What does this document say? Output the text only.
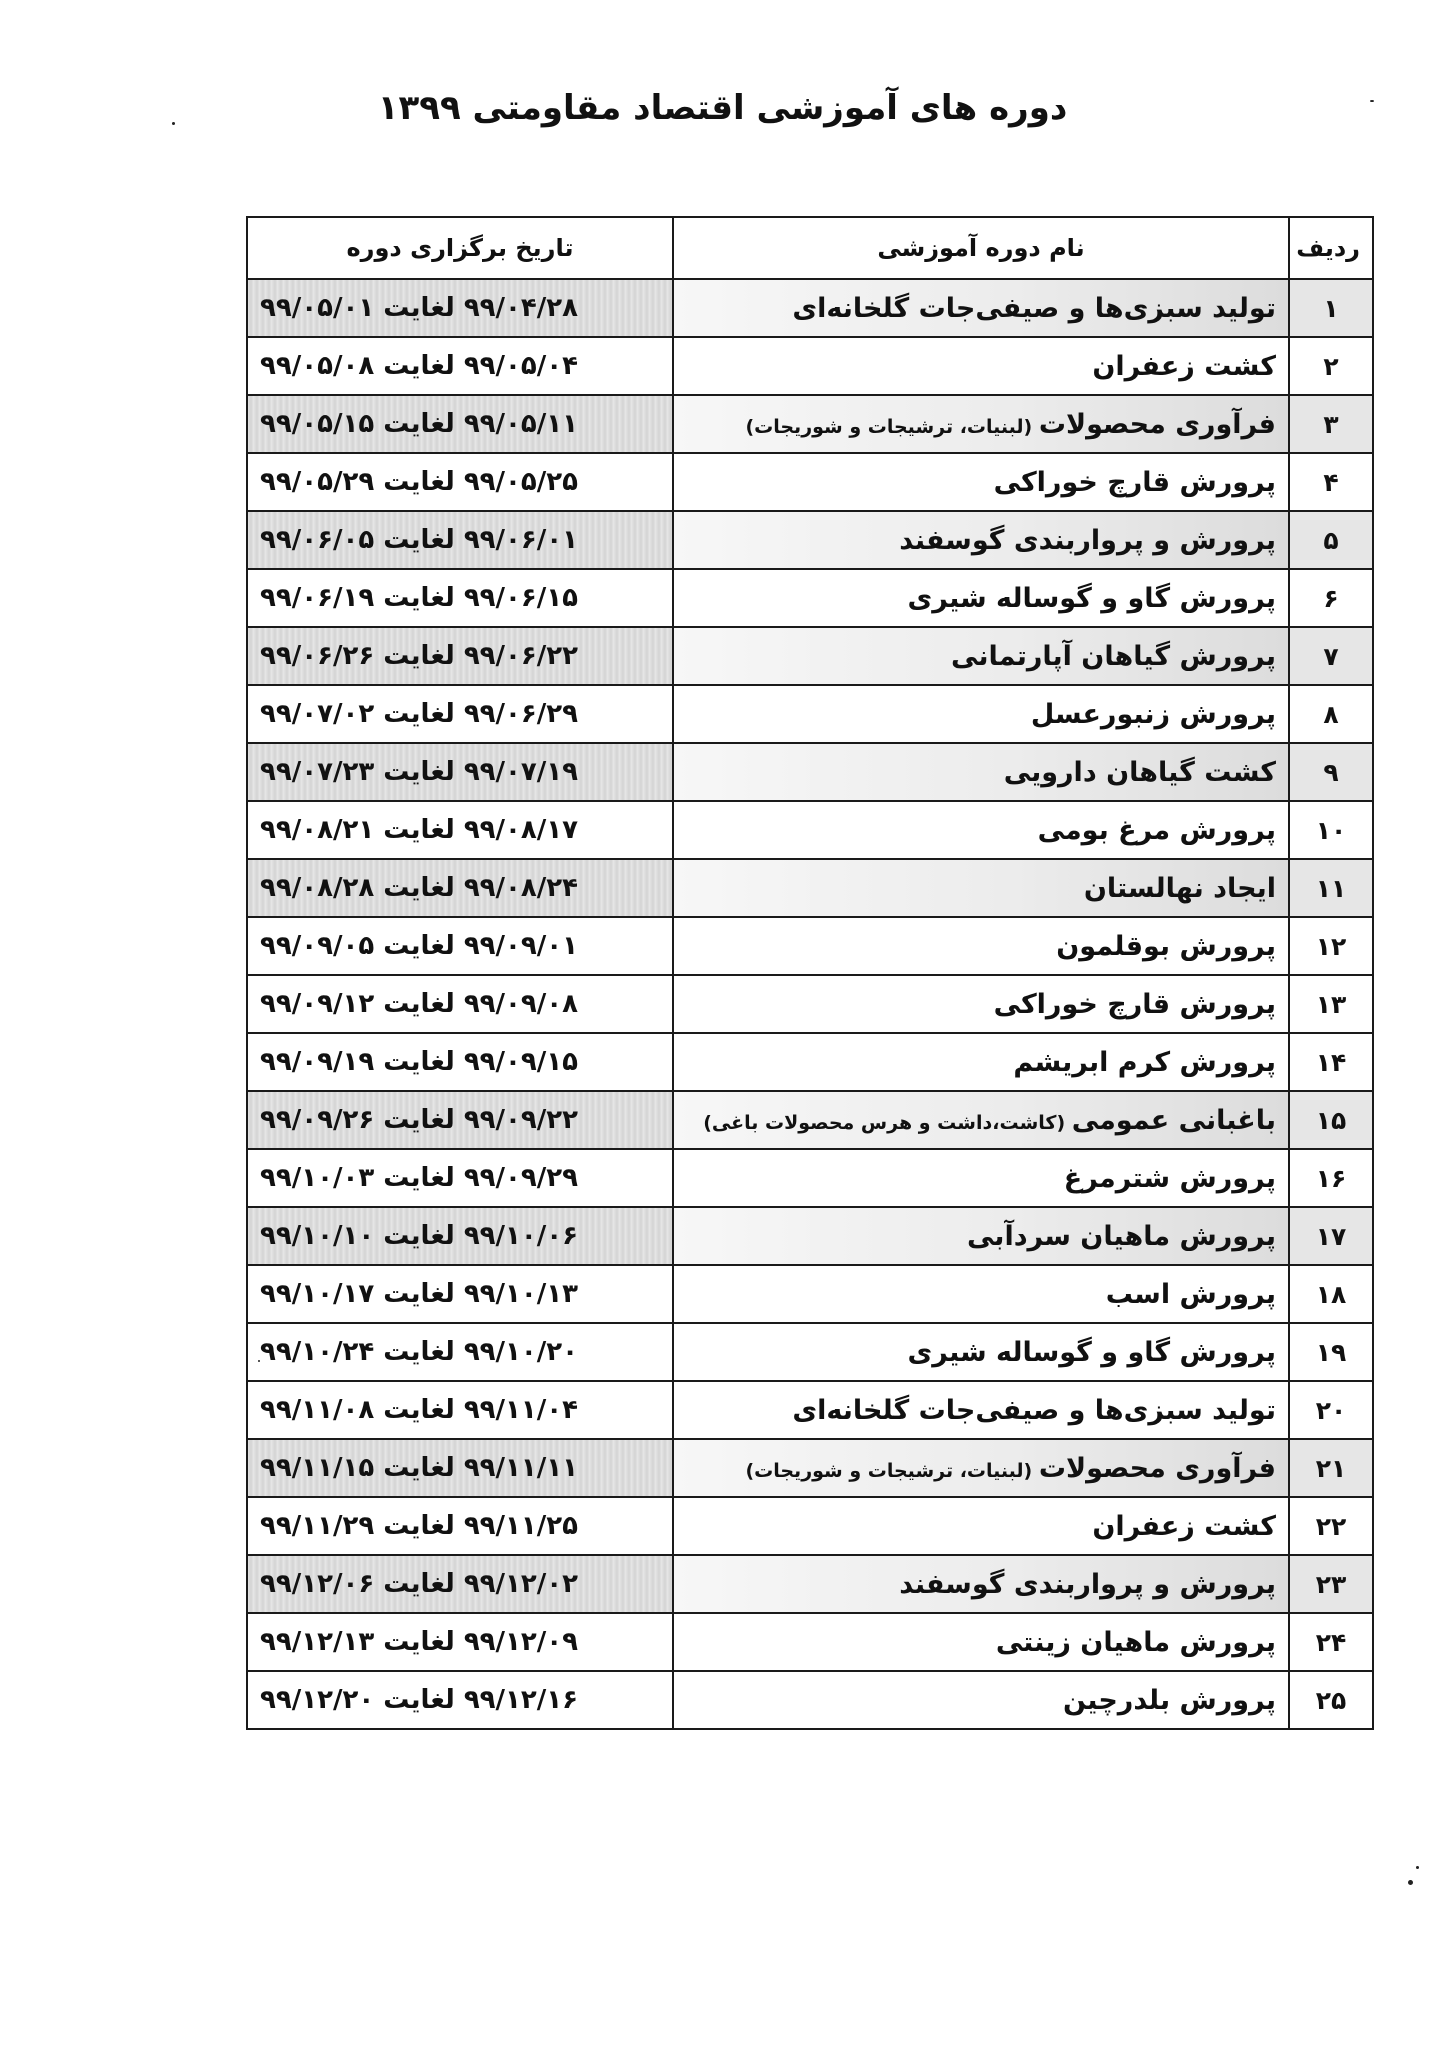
دوره های آموزشی اقتصاد مقاومتی ۱۳۹۹
ردیف	نام دوره آموزشی	تاریخ برگزاری دوره
۱	تولید سبزی‌ها و صیفی‌جات گلخانه‌ای	۹۹/۰۴/۲۸ لغایت ۹۹/۰۵/۰۱
۲	کشت زعفران	۹۹/۰۵/۰۴ لغایت ۹۹/۰۵/۰۸
۳	فرآوری محصولات (لبنیات، ترشیجات و شوریجات)	۹۹/۰۵/۱۱ لغایت ۹۹/۰۵/۱۵
۴	پرورش قارچ خوراکی	۹۹/۰۵/۲۵ لغایت ۹۹/۰۵/۲۹
۵	پرورش و پرواربندی گوسفند	۹۹/۰۶/۰۱ لغایت ۹۹/۰۶/۰۵
۶	پرورش گاو و گوساله شیری	۹۹/۰۶/۱۵ لغایت ۹۹/۰۶/۱۹
۷	پرورش گیاهان آپارتمانی	۹۹/۰۶/۲۲ لغایت ۹۹/۰۶/۲۶
۸	پرورش زنبورعسل	۹۹/۰۶/۲۹ لغایت ۹۹/۰۷/۰۲
۹	کشت گیاهان دارویی	۹۹/۰۷/۱۹ لغایت ۹۹/۰۷/۲۳
۱۰	پرورش مرغ بومی	۹۹/۰۸/۱۷ لغایت ۹۹/۰۸/۲۱
۱۱	ایجاد نهالستان	۹۹/۰۸/۲۴ لغایت ۹۹/۰۸/۲۸
۱۲	پرورش بوقلمون	۹۹/۰۹/۰۱ لغایت ۹۹/۰۹/۰۵
۱۳	پرورش قارچ خوراکی	۹۹/۰۹/۰۸ لغایت ۹۹/۰۹/۱۲
۱۴	پرورش کرم ابریشم	۹۹/۰۹/۱۵ لغایت ۹۹/۰۹/۱۹
۱۵	باغبانی عمومی (کاشت،داشت و هرس محصولات باغی)	۹۹/۰۹/۲۲ لغایت ۹۹/۰۹/۲۶
۱۶	پرورش شترمرغ	۹۹/۰۹/۲۹ لغایت ۹۹/۱۰/۰۳
۱۷	پرورش ماهیان سردآبی	۹۹/۱۰/۰۶ لغایت ۹۹/۱۰/۱۰
۱۸	پرورش اسب	۹۹/۱۰/۱۳ لغایت ۹۹/۱۰/۱۷
۱۹	پرورش گاو و گوساله شیری	۹۹/۱۰/۲۰ لغایت ۹۹/۱۰/۲۴
۲۰	تولید سبزی‌ها و صیفی‌جات گلخانه‌ای	۹۹/۱۱/۰۴ لغایت ۹۹/۱۱/۰۸
۲۱	فرآوری محصولات (لبنیات، ترشیجات و شوریجات)	۹۹/۱۱/۱۱ لغایت ۹۹/۱۱/۱۵
۲۲	کشت زعفران	۹۹/۱۱/۲۵ لغایت ۹۹/۱۱/۲۹
۲۳	پرورش و پرواربندی گوسفند	۹۹/۱۲/۰۲ لغایت ۹۹/۱۲/۰۶
۲۴	پرورش ماهیان زینتی	۹۹/۱۲/۰۹ لغایت ۹۹/۱۲/۱۳
۲۵	پرورش بلدرچین	۹۹/۱۲/۱۶ لغایت ۹۹/۱۲/۲۰
